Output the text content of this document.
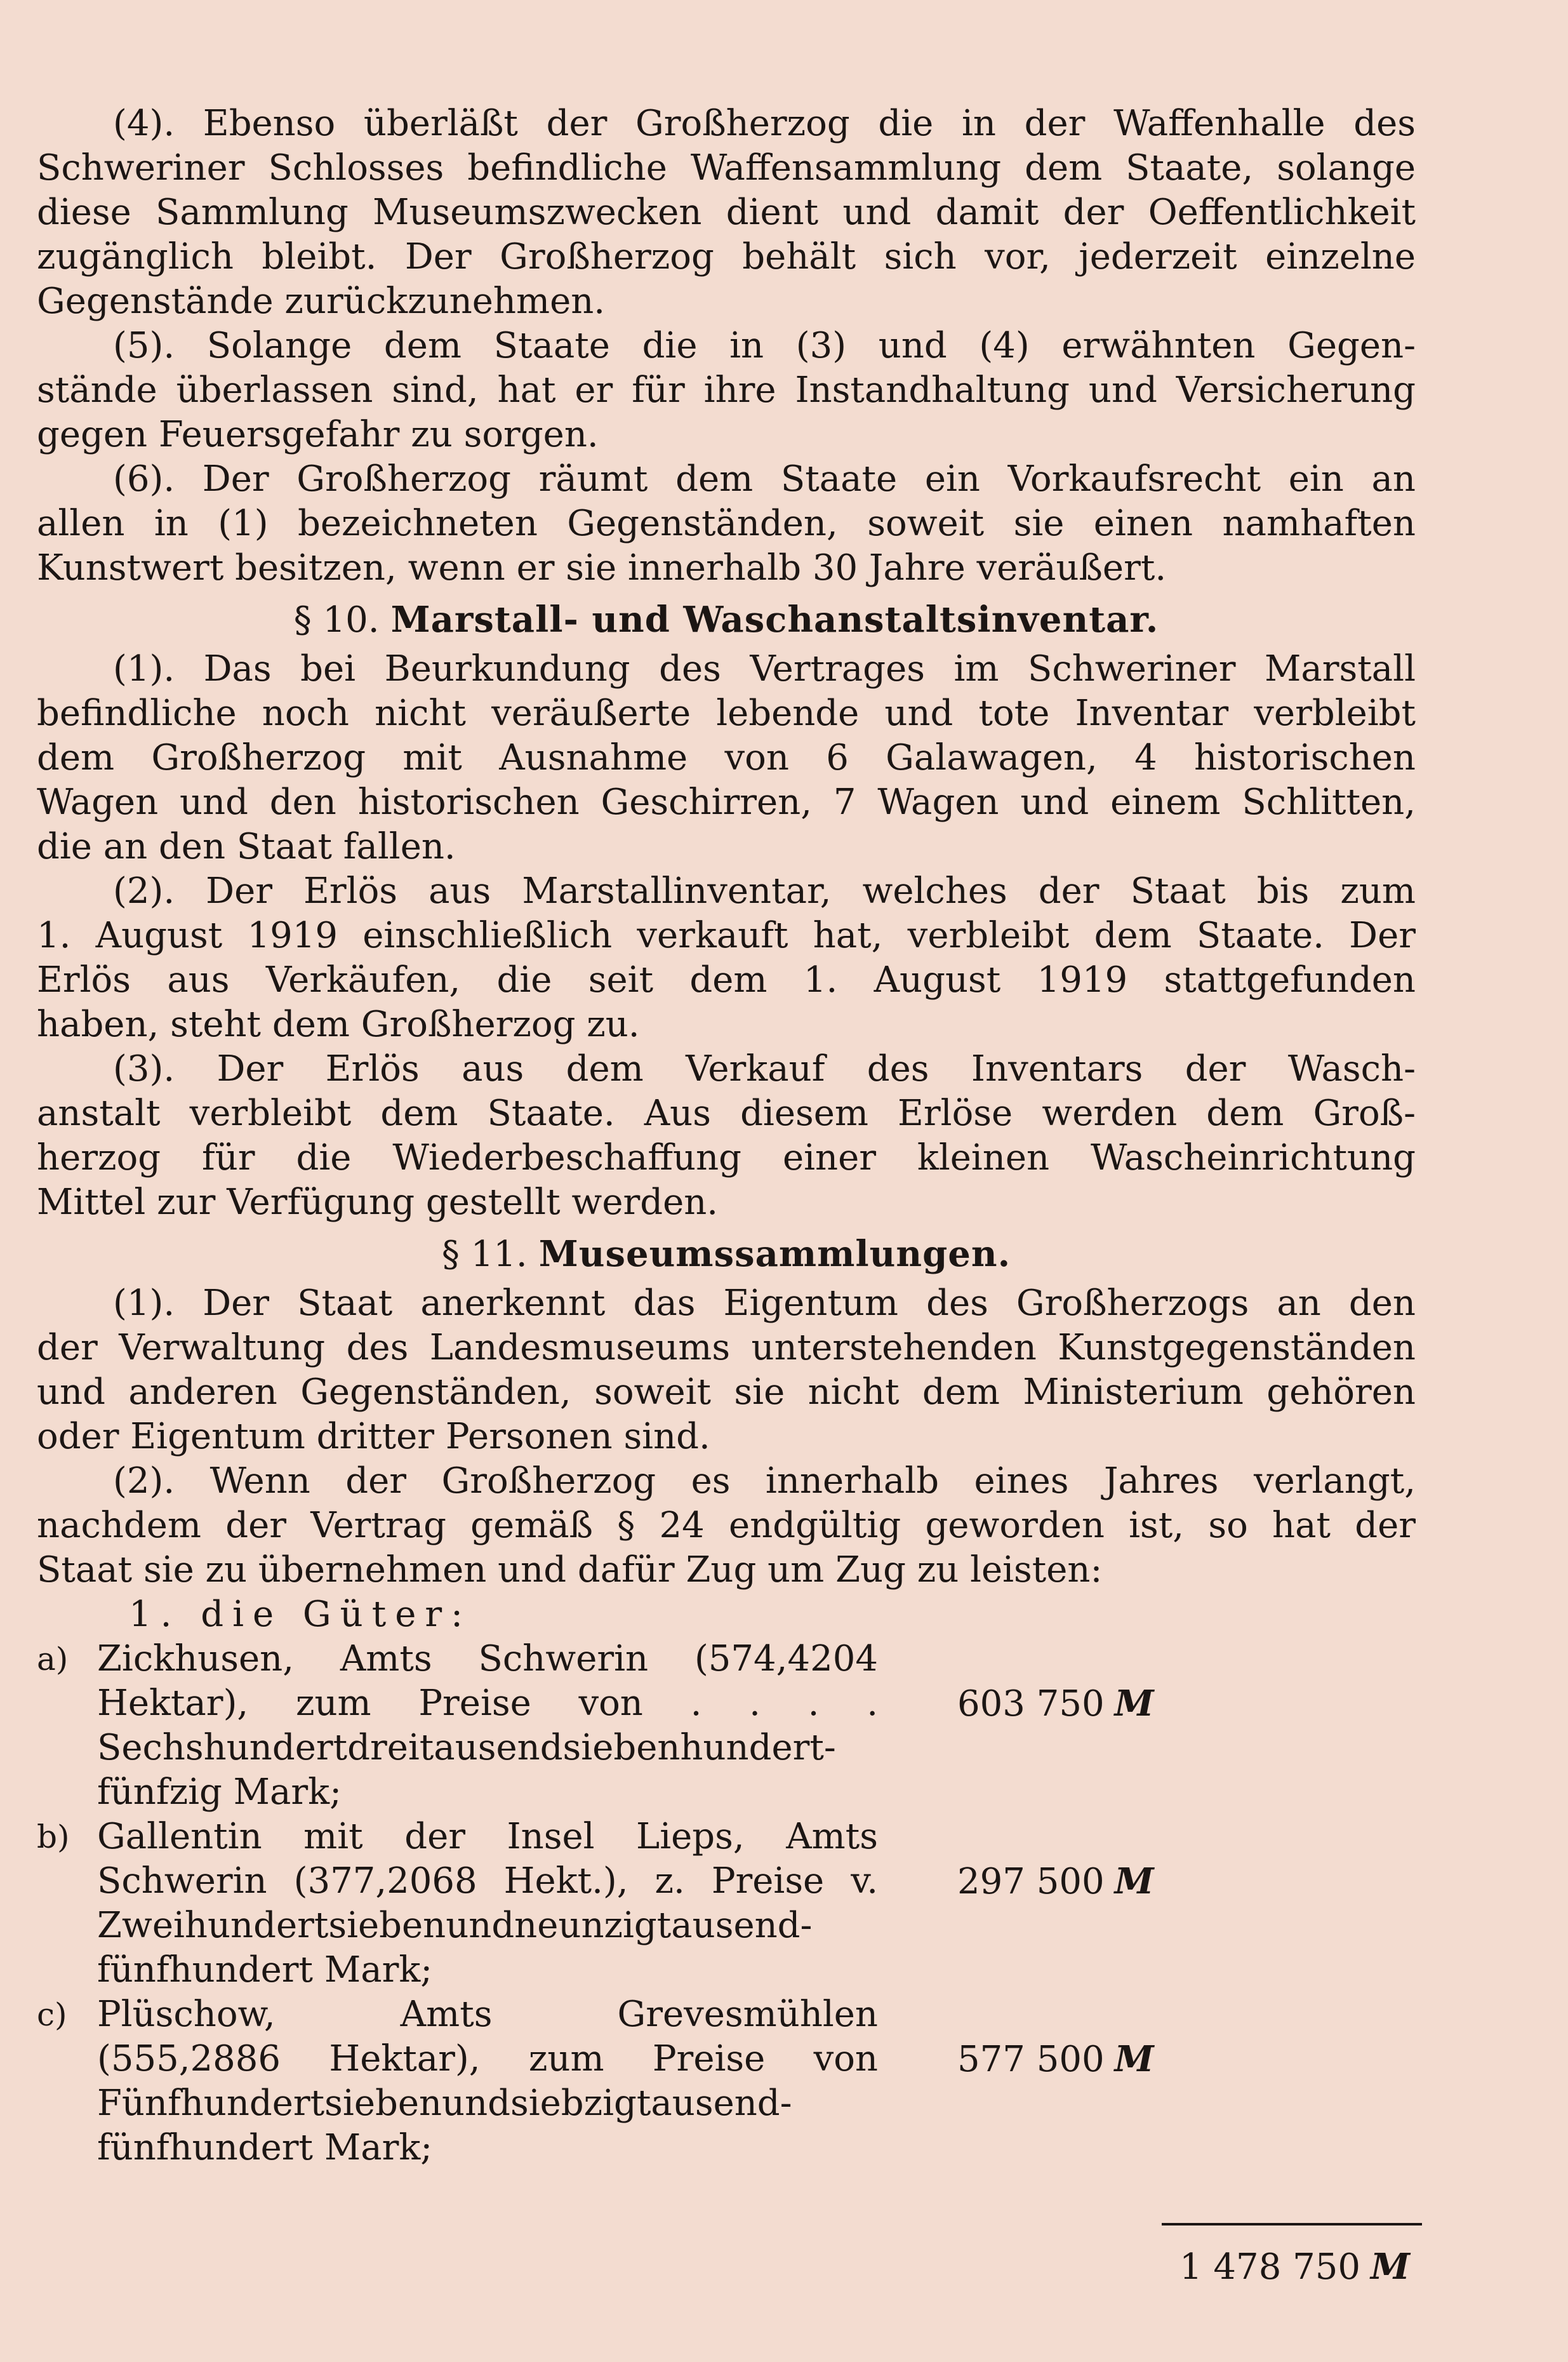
(4). Ebenso überläßt der Großherzog die in der Waffenhalle des
Schweriner Schlosses befindliche Waffensammlung dem Staate, solange
diese Sammlung Museumszwecken dient und damit der Oeffentlichkeit
zugänglich bleibt. Der Großherzog behält sich vor, jederzeit einzelne
Gegenstände zurückzunehmen.

(5). Solange dem Staate die in (3) und (4) erwähnten Gegen-
stände überlassen sind, hat er für ihre Instandhaltung und Versicherung
gegen Feuersgefahr zu sorgen.

(6). Der Großherzog räumt dem Staate ein Vorkaufsrecht ein an
allen in (1) bezeichneten Gegenständen, soweit sie einen namhaften
Kunstwert besitzen, wenn er sie innerhalb 30 Jahre veräußert.

§ 10. Marstall- und Waschanstaltsinventar.

(1). Das bei Beurkundung des Vertrages im Schweriner Marstall
befindliche noch nicht veräußerte lebende und tote Inventar verbleibt
dem Großherzog mit Ausnahme von 6 Galawagen, 4 historischen
Wagen und den historischen Geschirren, 7 Wagen und einem Schlitten,
die an den Staat fallen.

(2). Der Erlös aus Marstallinventar, welches der Staat bis zum
1. August 1919 einschließlich verkauft hat, verbleibt dem Staate. Der
Erlös aus Verkäufen, die seit dem 1. August 1919 stattgefunden
haben, steht dem Großherzog zu.

(3). Der Erlös aus dem Verkauf des Inventars der Wasch-
anstalt verbleibt dem Staate. Aus diesem Erlöse werden dem Groß-
herzog für die Wiederbeschaffung einer kleinen Wascheinrichtung
Mittel zur Verfügung gestellt werden.

§ 11. Museumssammlungen.

(1). Der Staat anerkennt das Eigentum des Großherzogs an den
der Verwaltung des Landesmuseums unterstehenden Kunstgegenständen
und anderen Gegenständen, soweit sie nicht dem Ministerium gehören
oder Eigentum dritter Personen sind.

(2). Wenn der Großherzog es innerhalb eines Jahres verlangt,
nachdem der Vertrag gemäß § 24 endgültig geworden ist, so hat der
Staat sie zu übernehmen und dafür Zug um Zug zu leisten:

1. die Güter:

a) Zickhusen, Amts Schwerin (574,4204
Hektar), zum Preise von . . . . 603 750 M
Sechshundertdreitausendsiebenhundert-
fünfzig Mark;
b) Gallentin mit der Insel Lieps, Amts
Schwerin (377,2068 Hekt.), z. Preise v. 297 500 M
Zweihundertsiebenundneunzigtausend-
fünfhundert Mark;
c) Plüschow, Amts Grevesmühlen
(555,2886 Hektar), zum Preise von 577 500 M
Fünfhundertsiebenundsiebzigtausend-
fünfhundert Mark;
1 478 750 M
